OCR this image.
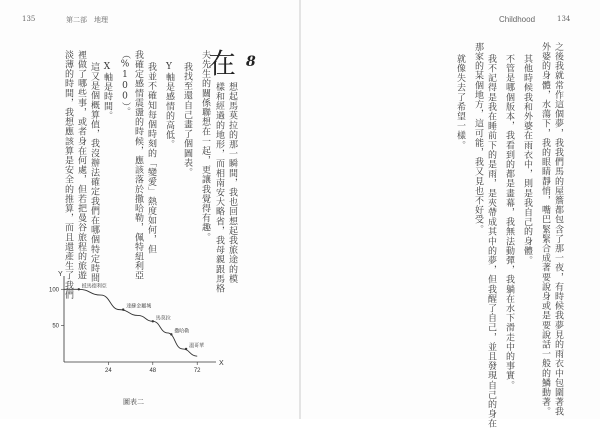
135	第二部　地理	Childhood	134
8
在
想起馬莫拉的那一瞬間，我也回想起我旅途的模
樣和經過的地形，而相南安大略省，我母親跟馬格
夫先生的關係聯想在一起，更讓我覺得有趣。
我找至還自己畫了個圖表。
Y軸是感情的高低。
我並不確知每個時刻的「變愛」熱度如何，但
我確定感情震盪的時候，應該落於撒哈勒，佩特紐利亞
（%100）。
X軸是時間。
這又是個概算值，我沒辦法確定我們在哪個特定時間
裡做了哪些事，或者身在何處，但若把曼谷旅程的旅遊
淡薄的時間，我想應該算是安全的推算，而且還產生了我們	之後我就常作這個夢，我我們馬的屋簷都包含了那一夜，有時候我夢見的雨衣中包圍著我
外婆的身體，水蕩下，我的眼睛靜悄，嘴巴緊緊合成著要說身或是要說話一般的鱗動著。
其他時候我和外婆在雨衣中，則是我自己的身體。
不管是哪個版本，我看到的都是畫幕，我無法動彈，我躺在水下滑走中的事實。
我不記得是我在睡前下的是雨，是夾帶成其中的夢，但我醒了自己，並且發現自己的身在
那家的某個地方，這可能，我又見也不好受。
就像失去了希望一樣。
Y
X
24	48	72
100
50
抵馬德利亞
達蘇金屬城
馬莫拉
撒哈勒
溫哥華
圖表二
